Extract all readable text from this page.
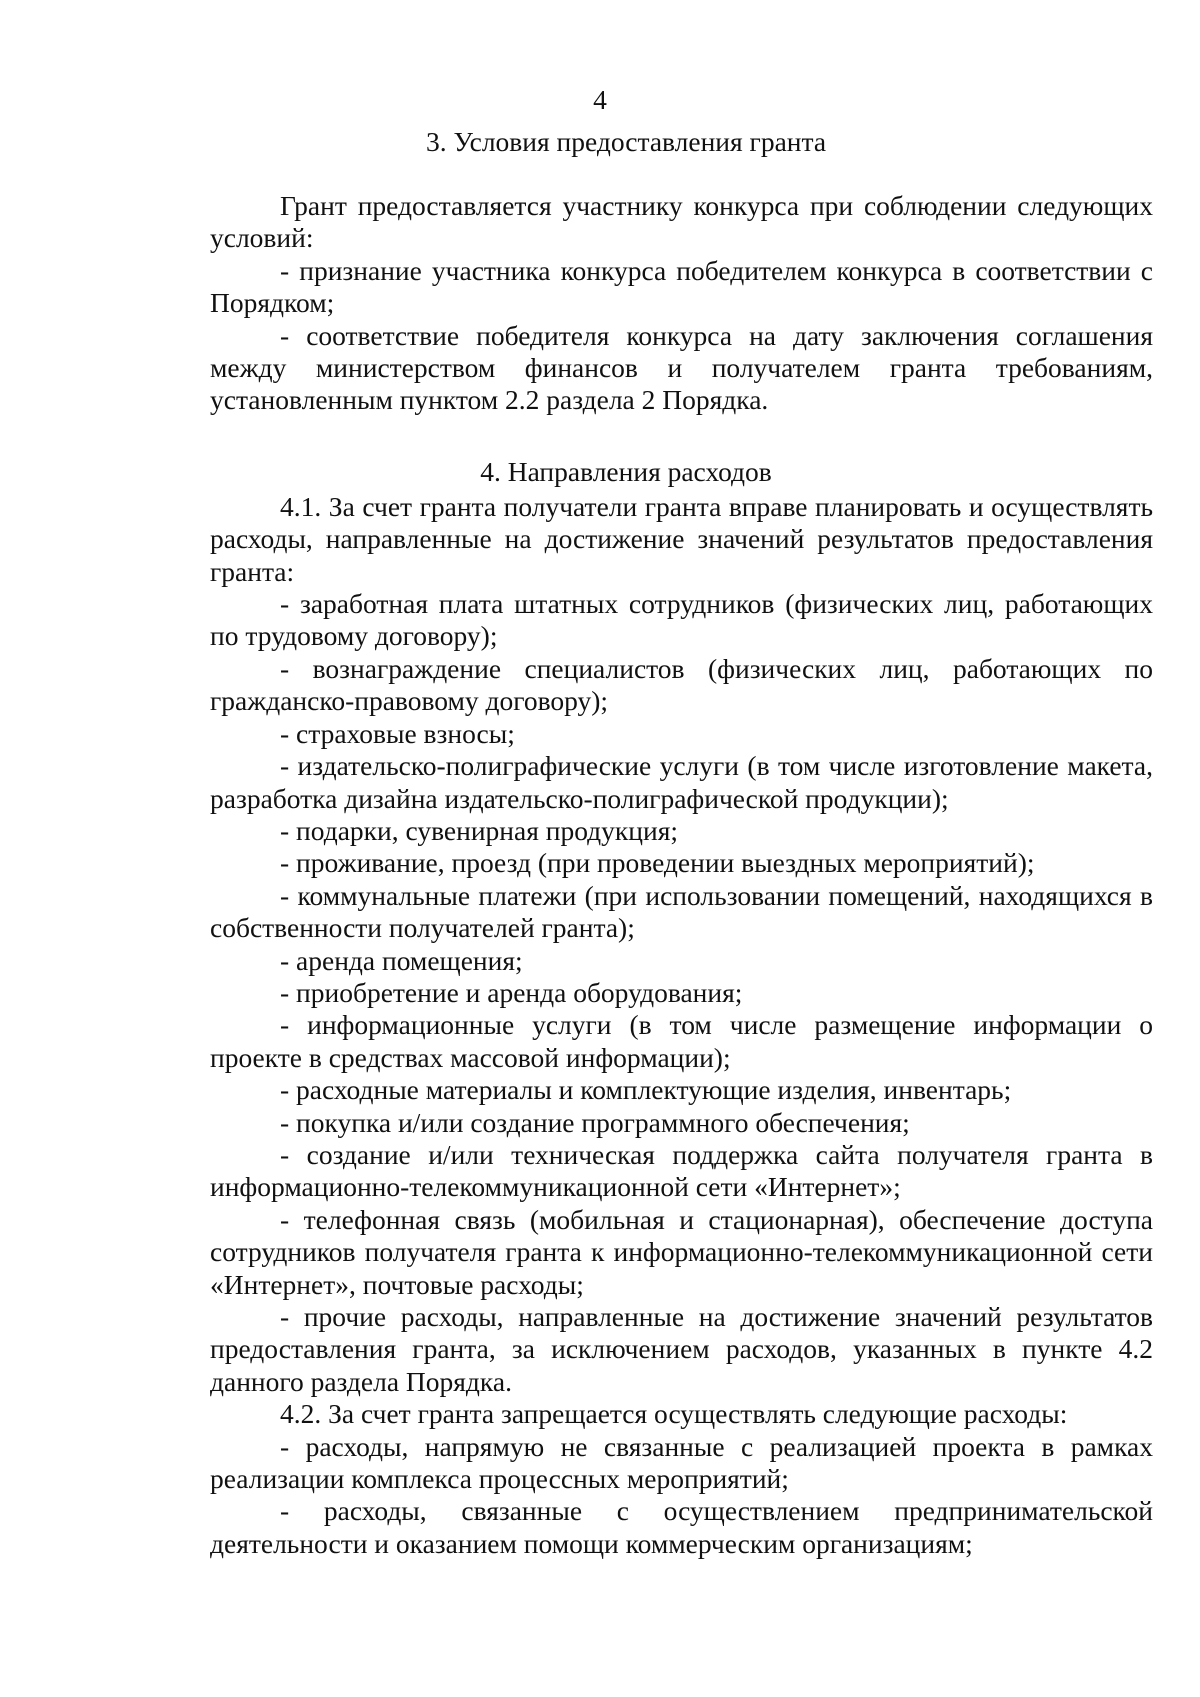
4
3. Условия предоставления гранта

Грант предоставляется участнику конкурса при соблюдении следующих условий:

- признание участника конкурса победителем конкурса в соответствии с Порядком;

- соответствие победителя конкурса на дату заключения соглашения между министерством финансов и получателем гранта требованиям, установленным пунктом 2.2 раздела 2 Порядка.

4.1. За счет гранта получатели гранта вправе планировать и осуществлять расходы, направленные на достижение значений результатов предоставления гранта:

- заработная плата штатных сотрудников (физических лиц, работающих по трудовому договору);

- вознаграждение специалистов (физических лиц, работающих по гражданско-правовому договору);

- страховые взносы;

- издательско-полиграфические услуги (в том числе изготовление макета, разработка дизайна издательско-полиграфической продукции);

- подарки, сувенирная продукция;

- проживание, проезд (при проведении выездных мероприятий);

- коммунальные платежи (при использовании помещений, находящихся в собственности получателей гранта);

- аренда помещения;

- приобретение и аренда оборудования;

- информационные услуги (в том числе размещение информации о проекте в средствах массовой информации);

- расходные материалы и комплектующие изделия, инвентарь;

- покупка и/или создание программного обеспечения;

- создание и/или техническая поддержка сайта получателя гранта в информационно-телекоммуникационной сети «Интернет»;

- телефонная связь (мобильная и стационарная), обеспечение доступа сотрудников получателя гранта к информационно-телекоммуникационной сети «Интернет», почтовые расходы;

- прочие расходы, направленные на достижение значений результатов предоставления гранта, за исключением расходов, указанных в пункте 4.2 данного раздела Порядка.

4.2. За счет гранта запрещается осуществлять следующие расходы:

- расходы, напрямую не связанные с реализацией проекта в рамках реализации комплекса процессных мероприятий;

- расходы, связанные с осуществлением предпринимательской деятельности и оказанием помощи коммерческим организациям;

4. Направления расходов
